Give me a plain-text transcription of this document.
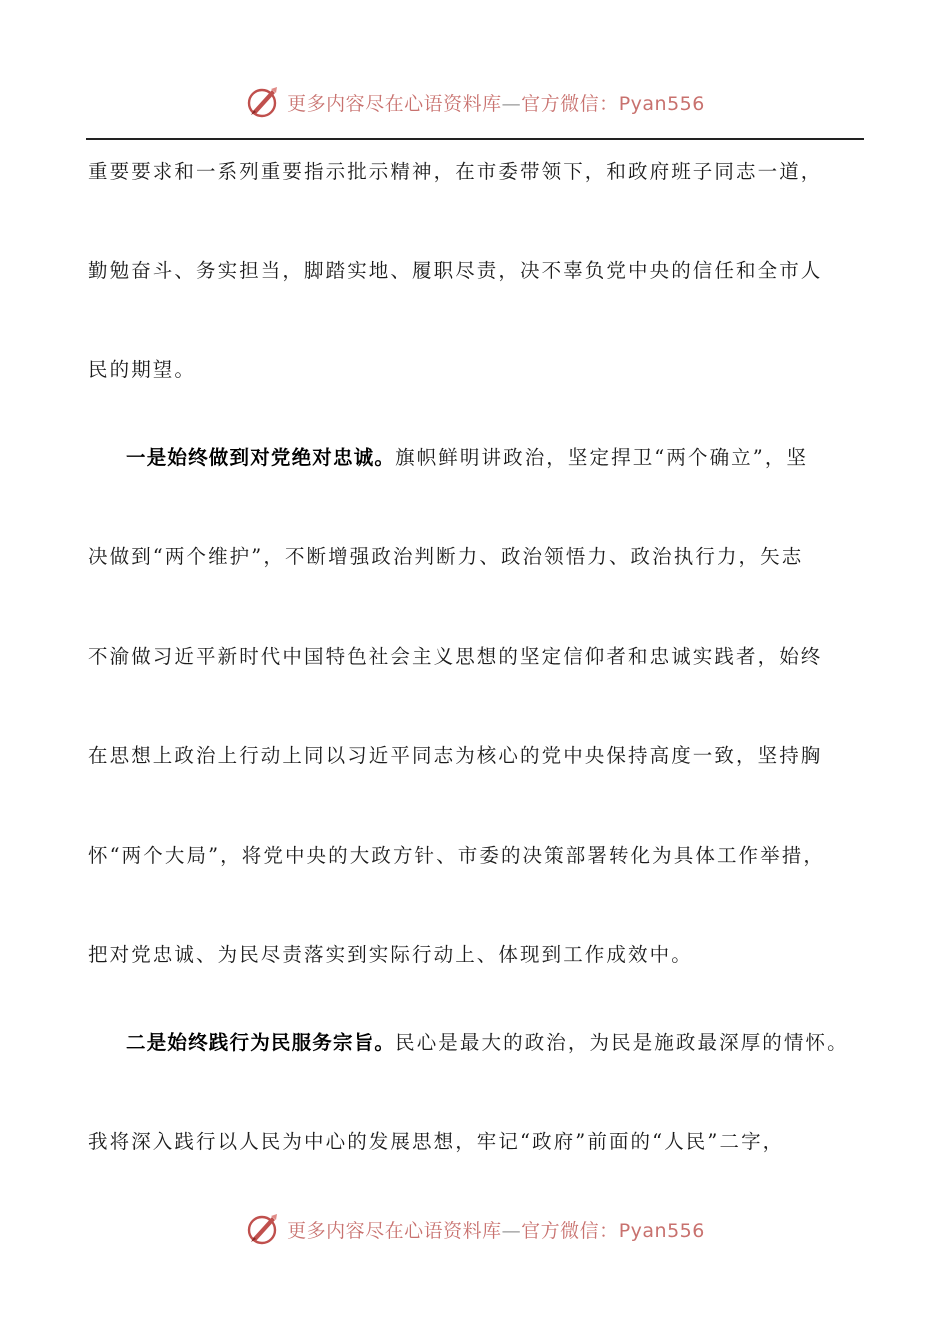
更多内容尽在心语资料库—官方微信：Pyan556
重要要求和一系列重要指示批示精神，在市委带领下，和政府班子同志一道，
勤勉奋斗、务实担当，脚踏实地、履职尽责，决不辜负党中央的信任和全市人
民的期望。
一是始终做到对党绝对忠诚。旗帜鲜明讲政治，坚定捍卫“两个确立”，坚
决做到“两个维护”，不断增强政治判断力、政治领悟力、政治执行力，矢志
不渝做习近平新时代中国特色社会主义思想的坚定信仰者和忠诚实践者，始终
在思想上政治上行动上同以习近平同志为核心的党中央保持高度一致，坚持胸
怀“两个大局”，将党中央的大政方针、市委的决策部署转化为具体工作举措，
把对党忠诚、为民尽责落实到实际行动上、体现到工作成效中。
二是始终践行为民服务宗旨。民心是最大的政治，为民是施政最深厚的情怀。
我将深入践行以人民为中心的发展思想，牢记“政府”前面的“人民”二字，
更多内容尽在心语资料库—官方微信：Pyan556
